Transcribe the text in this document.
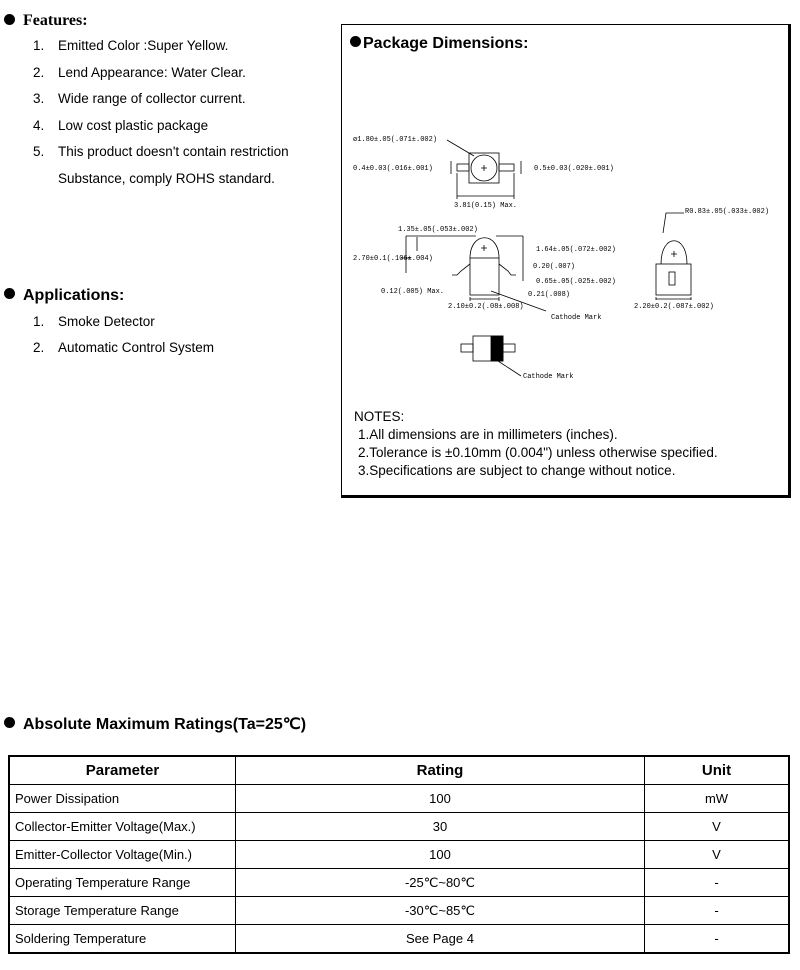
Features:
1. Emitted Color :Super Yellow.
2. Lend Appearance: Water Clear.
3. Wide range of collector current.
4. Low cost plastic package
5. This product doesn't contain restriction
Substance, comply ROHS standard.
Applications:
1. Smoke Detector
2. Automatic Control System
Package Dimensions:
ø1.80±.05(.071±.002)
0.4±0.03(.016±.001)	0.5±0.03(.020±.001)
3.81(0.15) Max.
1.35±.05(.053±.002)
2.70±0.1(.106±.004)
1.64±.05(.072±.002)
0.20(.007)
0.65±.05(.025±.002)
0.12(.005) Max.	0.21(.008)
2.10±0.2(.08±.008)
Cathode Mark
R0.83±.05(.033±.002)
2.20±0.2(.087±.002)
Cathode Mark
NOTES:
1.All dimensions are in millimeters (inches).
2.Tolerance is ±0.10mm (0.004") unless otherwise specified.
3.Specifications are subject to change without notice.
Absolute Maximum Ratings(Ta=25℃)
Parameter	Rating	Unit
Power Dissipation	100	mW
Collector-Emitter Voltage(Max.)	30	V
Emitter-Collector Voltage(Min.)	100	V
Operating Temperature Range	-25℃~80℃	-
Storage Temperature Range	-30℃~85℃	-
Soldering Temperature	See Page 4	-
